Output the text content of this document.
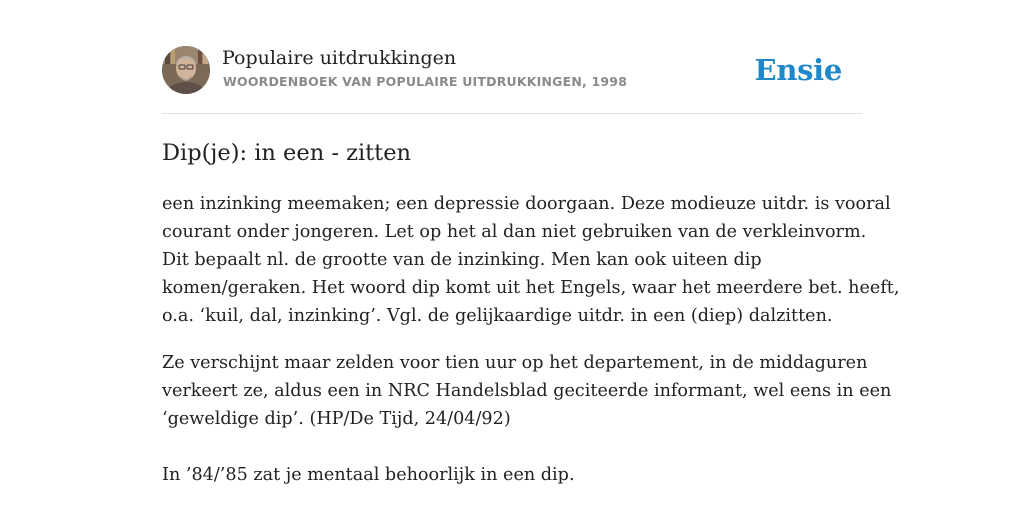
Populaire uitdrukkingen
WOORDENBOEK VAN POPULAIRE UITDRUKKINGEN, 1998	Ensie
Dip(je): in een - zitten
een inzinking meemaken; een depressie doorgaan. Deze modieuze uitdr. is vooral
courant onder jongeren. Let op het al dan niet gebruiken van de verkleinvorm.
Dit bepaalt nl. de grootte van de inzinking. Men kan ook uiteen dip
komen/geraken. Het woord dip komt uit het Engels, waar het meerdere bet. heeft,
o.a. ‘kuil, dal, inzinking’. Vgl. de gelijkaardige uitdr. in een (diep) dalzitten.
Ze verschijnt maar zelden voor tien uur op het departement, in de middaguren
verkeert ze, aldus een in NRC Handelsblad geciteerde informant, wel eens in een
‘geweldige dip’. (HP/De Tijd, 24/04/92)
In ’84/’85 zat je mentaal behoorlijk in een dip.
